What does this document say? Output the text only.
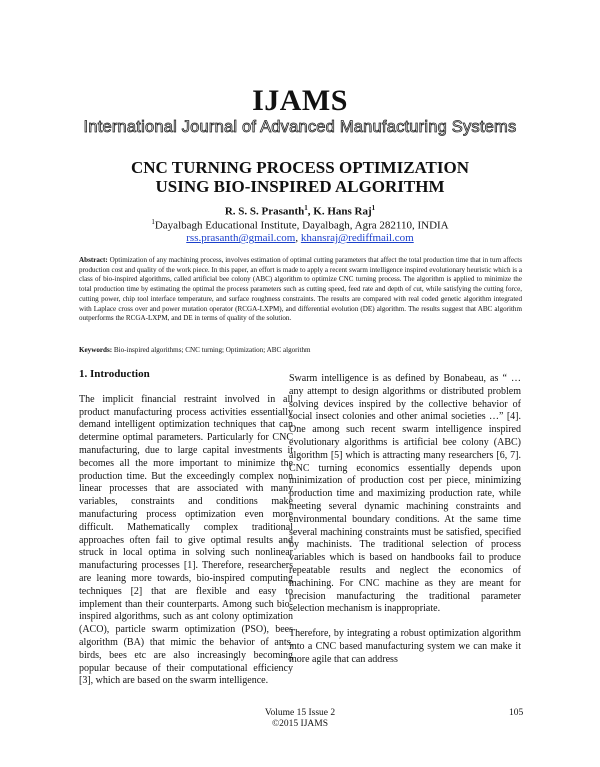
IJAMS
International Journal of Advanced Manufacturing Systems
CNC TURNING PROCESS OPTIMIZATION
USING BIO-INSPIRED ALGORITHM
R. S. S. Prasanth$^1$, K. Hans Raj$^1$
$^1$Dayalbagh Educational Institute, Dayalbagh, Agra 282110, INDIA
rss.prasanth@gmail.com, khansraj@rediffmail.com
Abstract: Optimization of any machining process, involves estimation of optimal cutting parameters that affect the total production time that in turn affects production cost and quality of the work piece. In this paper, an effort is made to apply a recent swarm intelligence inspired evolutionary heuristic which is a class of bio-inspired algorithms, called artificial bee colony (ABC) algorithm to optimize CNC turning process. The algorithm is applied to minimize the total production time by estimating the optimal the process parameters such as cutting speed, feed rate and depth of cut, while satisfying the cutting force, cutting power, chip tool interface temperature, and surface roughness constraints. The results are compared with real coded genetic algorithm integrated with Laplace cross over and power mutation operator (RCGA-LXPM), and differential evolution (DE) algorithm. The results suggest that ABC algorithm outperforms the RCGA-LXPM, and DE in terms of quality of the solution.
Keywords: Bio-inspired algorithms; CNC turning; Optimization; ABC algorithm
1. Introduction

The implicit financial restraint involved in all product manufacturing process activities essentially demand intelligent optimization techniques that can determine optimal parameters. Particularly for CNC manufacturing, due to large capital investments it becomes all the more important to minimize the production time. But the exceedingly complex non linear processes that are associated with many variables, constraints and conditions make manufacturing process optimization even more difficult. Mathematically complex traditional approaches often fail to give optimal results and struck in local optima in solving such nonlinear manufacturing processes [1]. Therefore, researchers are leaning more towards, bio-inspired computing techniques [2] that are flexible and easy to implement than their counterparts. Among such bio-inspired algorithms, such as ant colony optimization (ACO), particle swarm optimization (PSO), bees algorithm (BA) that mimic the behavior of ants, birds, bees etc are also increasingly becoming popular because of their computational efficiency [3], which are based on the swarm intelligence.

Swarm intelligence is as defined by Bonabeau, as “ …any attempt to design algorithms or distributed problem solving devices inspired by the collective behavior of social insect colonies and other animal societies …” [4]. One among such recent swarm intelligence inspired evolutionary algorithms is artificial bee colony (ABC) algorithm [5] which is attracting many researchers [6, 7]. CNC turning economics essentially depends upon minimization of production cost per piece, minimizing production time and maximizing production rate, while meeting several dynamic machining constraints and environmental boundary conditions. At the same time several machining constraints must be satisfied, specified by machinists. The traditional selection of process variables which is based on handbooks fail to produce repeatable results and neglect the economics of machining. For CNC machine as they are meant for precision manufacturing the traditional parameter selection mechanism is inappropriate.

Therefore, by integrating a robust optimization algorithm into a CNC based manufacturing system we can make it more agile that can address

Volume 15 Issue 2
©2015 IJAMS
105
